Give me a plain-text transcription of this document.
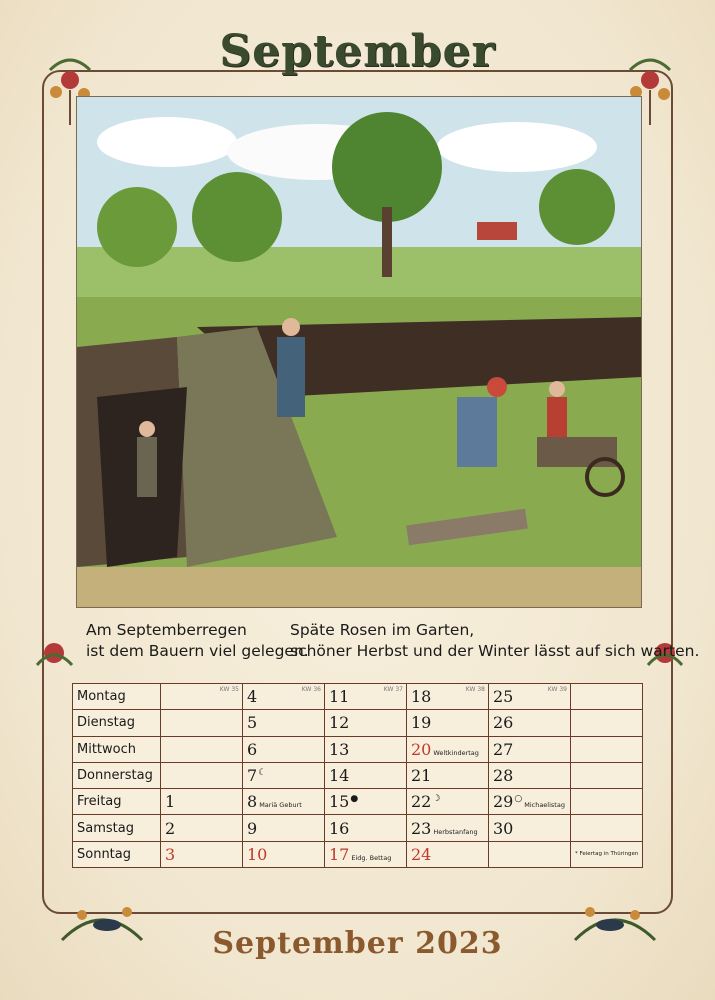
September
Am Septemberregen
ist dem Bauern viel gelegen.
Späte Rosen im Garten,
schöner Herbst und der Winter lässt auf sich warten.
Montag	KW 35	4 KW 36	11 KW 37	18 KW 38	25 KW 39	

Dienstag		5	12	19	26	
Mittwoch		6	13	20 Weltkindertag	27	
Donnerstag		7☾	14	21	28	
Freitag	1	8 Mariä Geburt	15●	22☽	29○Michaelistag	
Samstag	2	9	16	23 Herbstanfang	30	
Sonntag	3	10	17 Eidg. Bettag	24		* Feiertag in Thüringen
September 2023
